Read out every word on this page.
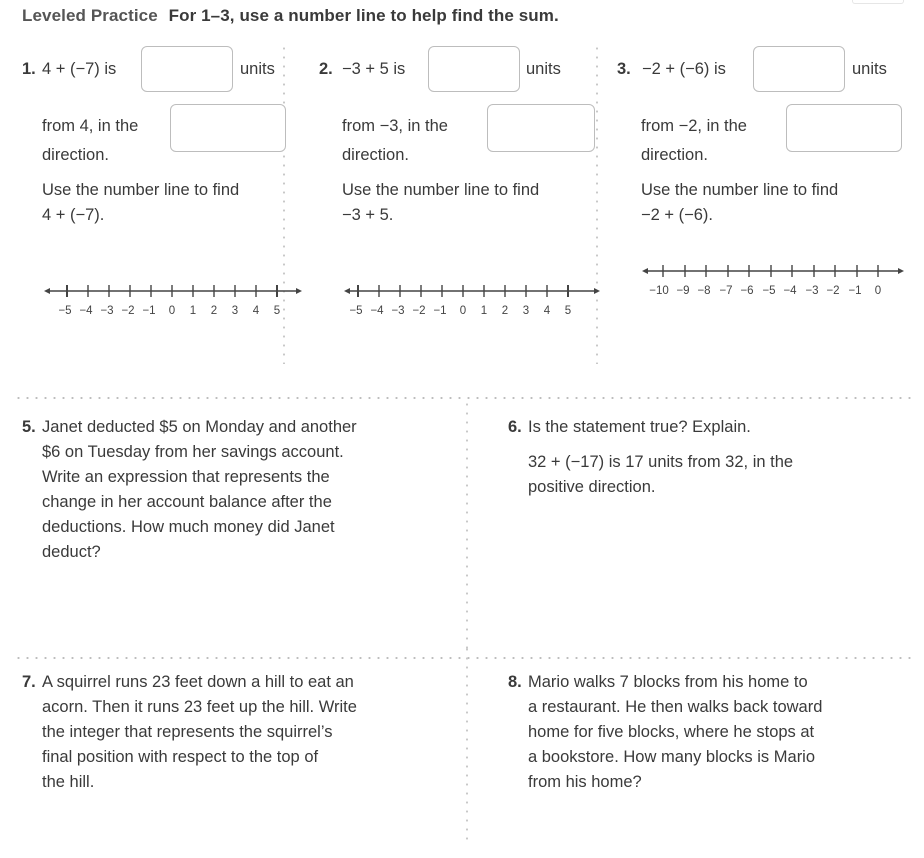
Leveled Practice For 1–3, use a number line to help find the sum.
1. 4 + (−7) is	units
from 4, in the
direction.
Use the number line to find
4 + (−7).
−5 −4 −3 −2 −1 0 1 2 3 4 5
2. −3 + 5 is	units
from −3, in the
direction.
Use the number line to find
−3 + 5.
−5 −4 −3 −2 −1 0 1 2 3 4 5
3. −2 + (−6) is	units
from −2, in the
direction.
Use the number line to find
−2 + (−6).
−10 −9 −8 −7 −6 −5 −4 −3 −2 −1 0
5. Janet deducted $5 on Monday and another
$6 on Tuesday from her savings account.
Write an expression that represents the
change in her account balance after the
deductions. How much money did Janet
deduct?
6. Is the statement true? Explain.
32 + (−17) is 17 units from 32, in the
positive direction.
7. A squirrel runs 23 feet down a hill to eat an
acorn. Then it runs 23 feet up the hill. Write
the integer that represents the squirrel’s
final position with respect to the top of
the hill.
8. Mario walks 7 blocks from his home to
a restaurant. He then walks back toward
home for five blocks, where he stops at
a bookstore. How many blocks is Mario
from his home?
